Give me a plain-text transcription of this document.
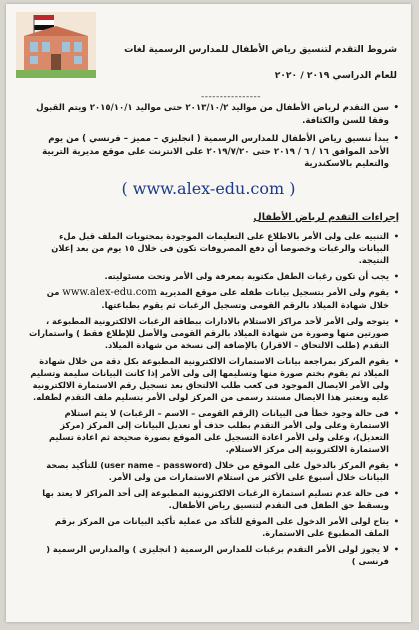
شروط التقدم لتنسيق رياض الأطفال للمدارس الرسمية لغات
للعام الدراسي ٢٠١٩ / ٢٠٢٠
----------------

• سن التقدم لرياض الأطفال من مواليد ٢٠١٣/١٠/٢ حتى مواليد ٢٠١٥/١٠/١ ويتم القبول وفقا للسن والكثافة.

• يبدأ تنسيق رياض الأطفال للمدارس الرسمية ( انجليزي – مميز – فرنسي ) من يوم الأحد الموافق ١٦ / ٦ / ٢٠١٩ حتى ٢٠١٩/٧/٢٠ على الانترنت على موقع مديرية التربية والتعليم بالاسكندرية

( www.alex-edu.com )
إجراءات التقدم لرياض الأطفال
• التنبيه على ولى الأمر بالاطلاع على التعليمات الموجودة بمحتويات الملف قبل ملء البيانات والرغبات وخصوصا أن دفع المصروفات تكون فى خلال ١٥ يوم من بعد إعلان النتيجة.
• يجب أن تكون رغبات الطفل مكتوبة بمعرفة ولى الأمر وتحت مسئوليته.
• يقوم ولى الأمر بتسجيل بيانات طفله على موقع المديرية www.alex-edu.com من خلال شهادة الميلاد بالرقم القومى وتسجيل الرغبات ثم يقوم بطباعتها.
• يتوجه ولى الأمر لأحد مراكز الاستلام بالادارات ببطاقة الرغبات الالكترونية المطبوعة ، صورتين منها وصورة من شهادة الميلاد بالرقم القومى والأصل للإطلاع فقط ) واستمارات التقدم (طلب الالتحاق – الاقرار) بالإضافة إلى نسخة من شهادة الميلاد.
• يقوم المركز بمراجعة بيانات الاستمارات الالكترونية المطبوعة بكل دقة من خلال شهادة الميلاد ثم يقوم بختم صورة منها وتسليمها إلى ولى الأمر إذا كانت البيانات سليمة وتسليم ولى الأمر الايصال الموجود فى كعب طلب الالتحاق بعد تسجيل رقم الاستمارة الالكترونية عليه ويعتبر هذا الايصال مستند رسمى من المركز لولى الأمر بتسليم ملف التقدم لطفله.
• فى حالة وجود خطأ فى البيانات (الرقم القومى – الاسم – الرغبات) لا يتم استلام الاستمارة وعلى ولى الأمر التقدم بطلب حذف أو تعديل البيانات إلى المركز (مركز التعديل)، وعلى ولى الأمر اعادة التسجيل على الموقع بصورة صحيحة ثم اعادة تسليم الاستمارة الالكترونية إلى مركز الاستلام.
• يقوم المركز بالدخول على الموقع من خلال (user name – password) للتأكيد بصحة البيانات خلال أسبوع على الأكثر من استلام الاستمارات من ولى الأمر.
• فى حالة عدم تسليم استمارة الرغبات الالكترونية المطبوعة إلى أحد المراكز لا يعتد بها ويسقط حق الطفل فى التقدم لتنسيق رياض الأطفال.
• يتاح لولى الأمر الدخول على الموقع للتأكد من عملية تأكيد البيانات من المركز برقم الملف المطبوع على الاستمارة.
• لا يجوز لولى الأمر التقدم برغبات للمدارس الرسمية ( انجليزى ) والمدارس الرسمية ( فرنسى )
